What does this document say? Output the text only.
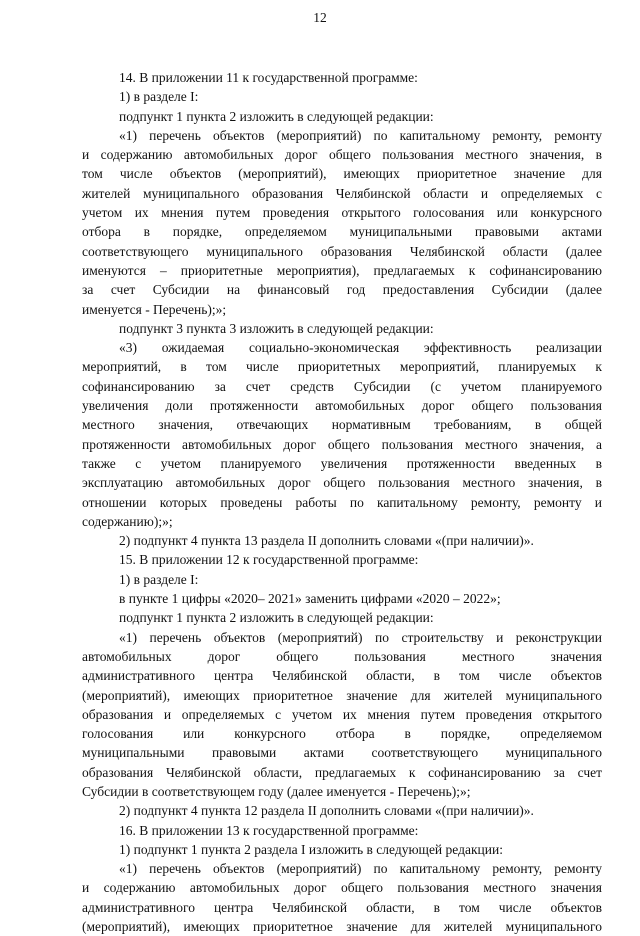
12
14. В приложении 11 к государственной программе:
1) в разделе I:
подпункт 1 пункта 2 изложить в следующей редакции:
«1) перечень объектов (мероприятий) по капитальному ремонту, ремонту
и содержанию автомобильных дорог общего пользования местного значения, в
том числе объектов (мероприятий), имеющих приоритетное значение для
жителей муниципального образования Челябинской области и определяемых с
учетом их мнения путем проведения открытого голосования или конкурсного
отбора в порядке, определяемом муниципальными правовыми актами
соответствующего муниципального образования Челябинской области (далее
именуются – приоритетные мероприятия), предлагаемых к софинансированию
за счет Субсидии на финансовый год предоставления Субсидии (далее
именуется - Перечень);»;
подпункт 3 пункта 3 изложить в следующей редакции:
«3) ожидаемая социально-экономическая эффективность реализации
мероприятий, в том числе приоритетных мероприятий, планируемых к
софинансированию за счет средств Субсидии (с учетом планируемого
увеличения доли протяженности автомобильных дорог общего пользования
местного значения, отвечающих нормативным требованиям, в общей
протяженности автомобильных дорог общего пользования местного значения, а
также с учетом планируемого увеличения протяженности введенных в
эксплуатацию автомобильных дорог общего пользования местного значения, в
отношении которых проведены работы по капитальному ремонту, ремонту и
содержанию);»;
2) подпункт 4 пункта 13 раздела II дополнить словами «(при наличии)».
15. В приложении 12 к государственной программе:
1) в разделе I:
в пункте 1 цифры «2020– 2021» заменить цифрами «2020 – 2022»;
подпункт 1 пункта 2 изложить в следующей редакции:
«1) перечень объектов (мероприятий) по строительству и реконструкции
автомобильных дорог общего пользования местного значения
административного центра Челябинской области, в том числе объектов
(мероприятий), имеющих приоритетное значение для жителей муниципального
образования и определяемых с учетом их мнения путем проведения открытого
голосования или конкурсного отбора в порядке, определяемом
муниципальными правовыми актами соответствующего муниципального
образования Челябинской области, предлагаемых к софинансированию за счет
Субсидии в соответствующем году (далее именуется - Перечень);»;
2) подпункт 4 пункта 12 раздела II дополнить словами «(при наличии)».
16. В приложении 13 к государственной программе:
1) подпункт 1 пункта 2 раздела I изложить в следующей редакции:
«1) перечень объектов (мероприятий) по капитальному ремонту, ремонту
и содержанию автомобильных дорог общего пользования местного значения
административного центра Челябинской области, в том числе объектов
(мероприятий), имеющих приоритетное значение для жителей муниципального
